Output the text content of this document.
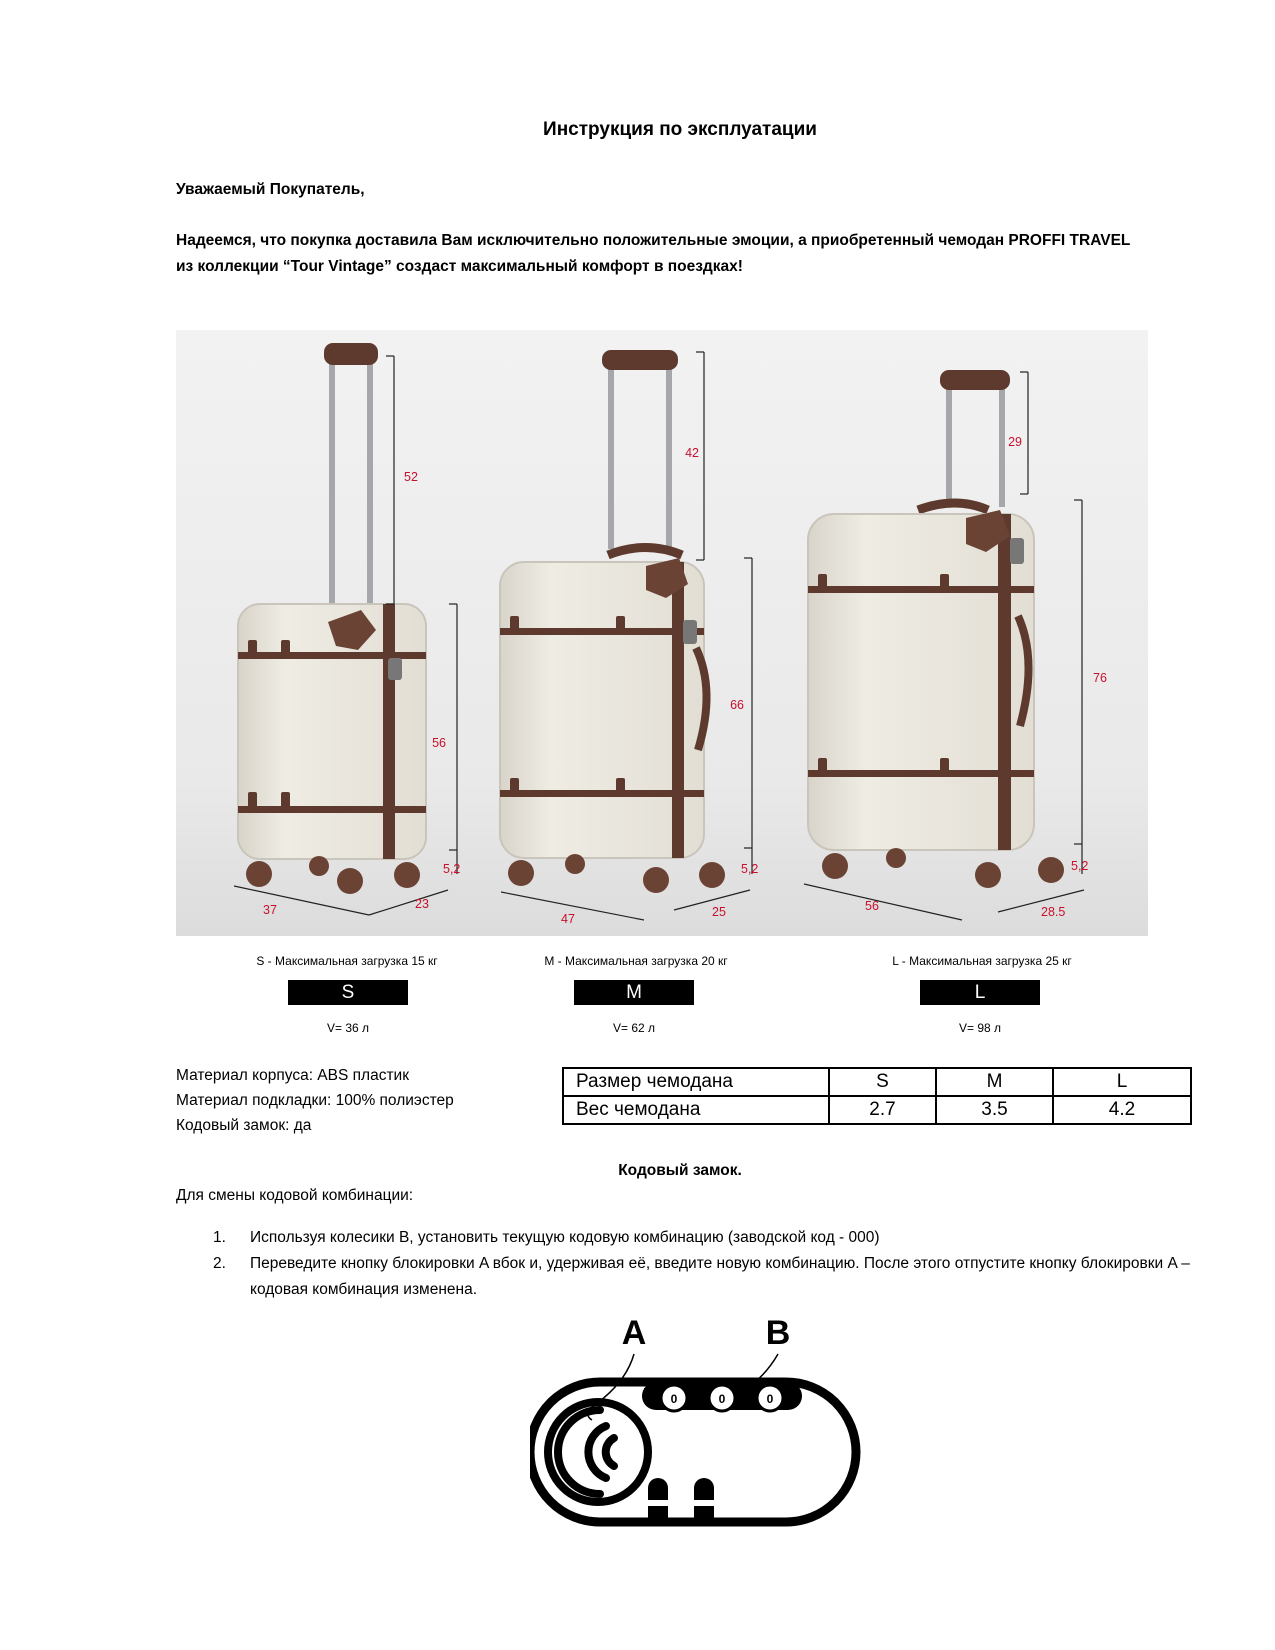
Инструкция по эксплуатации
Уважаемый Покупатель,
Надеемся, что покупка доставила Вам исключительно положительные эмоции, а приобретенный чемодан PROFFI TRAVEL
из коллекции “Tour Vintage” создаст максимальный комфорт в поездках!
52
56
5,2
37	23
42
66
5,2
47	25
29
76
5,2
56	28.5
S - Максимальная загрузка 15 кг
S
V= 36 л
M - Максимальная загрузка 20 кг
M
V= 62 л
L - Максимальная загрузка 25 кг
L
V= 98 л
Материал корпуса: ABS пластик
Материал подкладки: 100% полиэстер
Кодовый замок: да
Размер чемодана	S	M	L
Вес чемодана	2.7	3.5	4.2
Кодовый замок.
Для смены кодовой комбинации:
1. Используя колесики B, установить текущую кодовую комбинацию (заводской код - 000)
2. Переведите кнопку блокировки A вбок и, удерживая её, введите новую комбинацию. После этого отпустите кнопку блокировки A – кодовая комбинация изменена.
A	B
0	0	0
